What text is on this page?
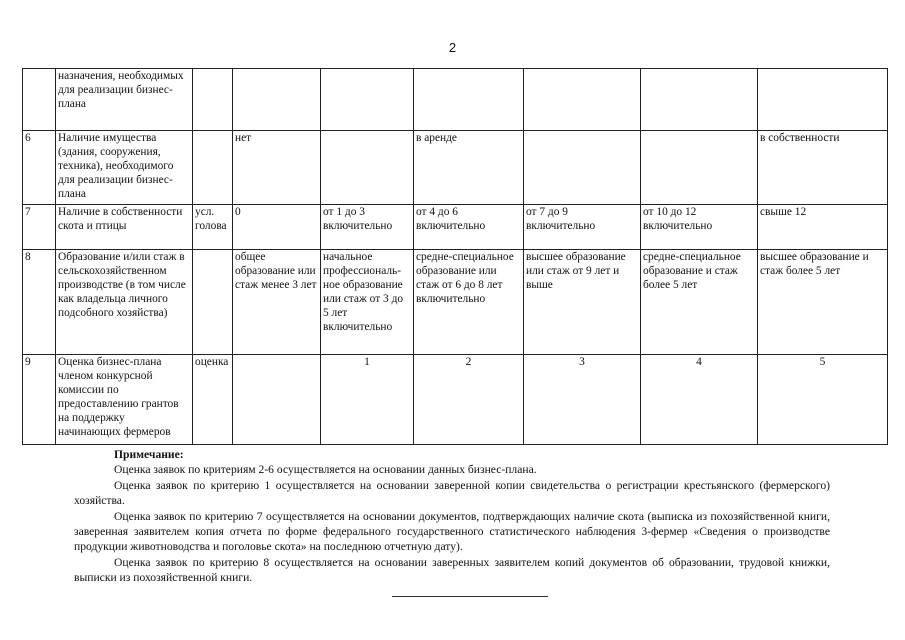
2
	назначения, необходимых для реализации бизнес-плана							
6	Наличие имущества (здания, сооружения, техника), необходимого для реализации бизнес-плана		нет		в аренде			в собственности
7	Наличие в собственности скота и птицы	усл. голова	0	от 1 до 3 включительно	от 4 до 6 включительно	от 7 до 9 включительно	от 10 до 12 включительно	свыше 12
8	Образование и/или стаж в сельскохозяйственном производстве (в том числе как владельца личного подсобного хозяйства)		общее образование или стаж менее 3 лет	начальное профессиональ-ное образование или стаж от 3 до 5 лет включительно	средне-специальное образование или стаж от 6 до 8 лет включительно	высшее образование или стаж от 9 лет и выше	средне-специальное образование и стаж более 5 лет	высшее образование и стаж более 5 лет
9	Оценка бизнес-плана членом конкурсной комиссии по предоставлению грантов на поддержку начинающих фермеров	оценка		1	2	3	4	5

Примечание:

Оценка заявок по критериям 2-6 осуществляется на основании данных бизнес-плана.

Оценка заявок по критерию 1 осуществляется на основании заверенной копии свидетельства о регистрации крестьянского (фермерского) хозяйства.

Оценка заявок по критерию 7 осуществляется на основании документов, подтверждающих наличие скота (выписка из похозяйственной книги, заверенная заявителем копия отчета по форме федерального государственного статистического наблюдения 3-фермер «Сведения о производстве продукции животноводства и поголовье скота» на последнюю отчетную дату).

Оценка заявок по критерию 8 осуществляется на основании заверенных заявителем копий документов об образовании, трудовой книжки, выписки из похозяйственной книги.
